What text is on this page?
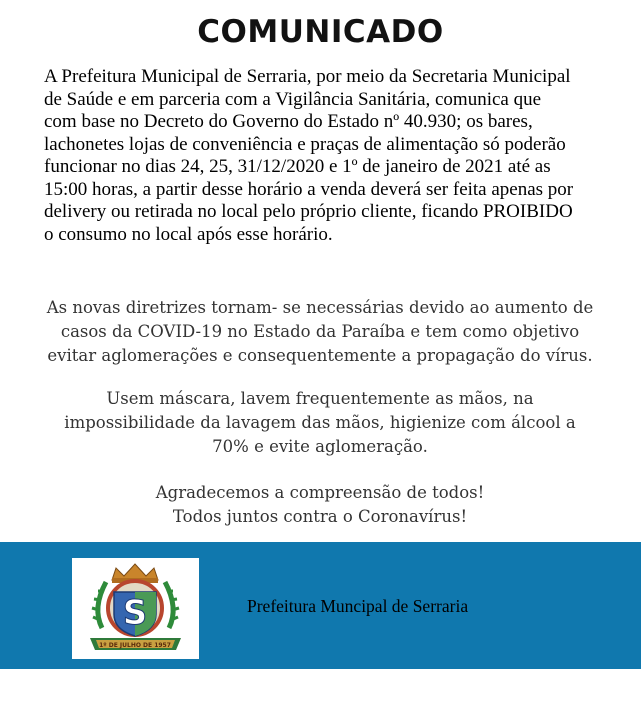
COMUNICADO
A Prefeitura Municipal de Serraria, por meio da Secretaria Municipal
de Saúde e em parceria com a Vigilância Sanitária, comunica que
com base no Decreto do Governo do Estado nº 40.930; os bares,
lachonetes lojas de conveniência e praças de alimentação só poderão
funcionar no dias 24, 25, 31/12/2020 e 1º de janeiro de 2021 até as
15:00 horas, a partir desse horário a venda deverá ser feita apenas por
delivery ou retirada no local pelo próprio cliente, ficando PROIBIDO
o consumo no local após esse horário.
As novas diretrizes tornam- se necessárias devido ao aumento de
casos da COVID-19 no Estado da Paraíba e tem como objetivo
evitar aglomerações e consequentemente a propagação do vírus.
Usem máscara, lavem frequentemente as mãos, na
impossibilidade da lavagem das mãos, higienize com álcool a
70% e evite aglomeração.
Agradecemos a compreensão de todos!
Todos juntos contra o Coronavírus!
S
1º DE JULHO DE 1957
Prefeitura Muncipal de Serraria
